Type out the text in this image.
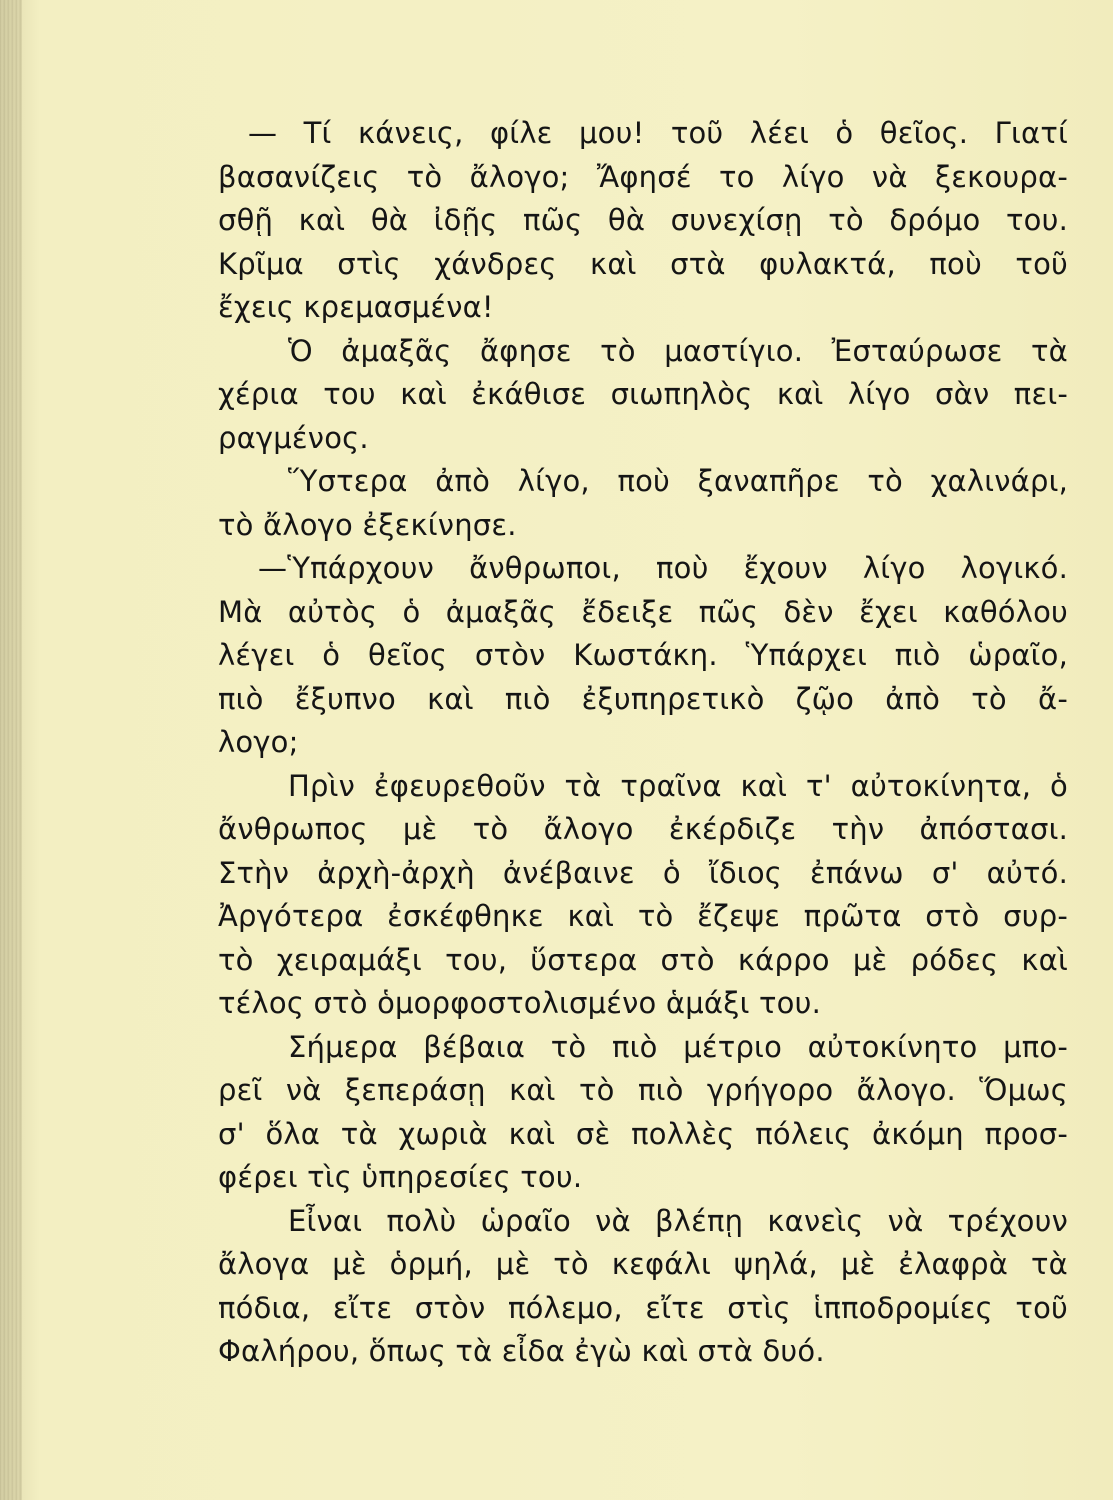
— Τί κάνεις, φίλε μου! τοῦ λέει ὁ θεῖος. Γιατί
βασανίζεις τὸ ἄλογο; Ἄφησέ το λίγο νὰ ξεκουρα-
σθῇ καὶ θὰ ἰδῇς πῶς θὰ συνεχίσῃ τὸ δρόμο του.
Κρῖμα στὶς χάνδρες καὶ στὰ φυλακτά, ποὺ τοῦ
ἔχεις κρεμασμένα!
Ὁ ἀμαξᾶς ἄφησε τὸ μαστίγιο. Ἐσταύρωσε τὰ
χέρια του καὶ ἐκάθισε σιωπηλὸς καὶ λίγο σὰν πει-
ραγμένος.
Ὕστερα ἀπὸ λίγο, ποὺ ξαναπῆρε τὸ χαλινάρι,
τὸ ἄλογο ἐξεκίνησε.
—Ὑπάρχουν ἄνθρωποι, ποὺ ἔχουν λίγο λογικό.
Μὰ αὐτὸς ὁ ἀμαξᾶς ἔδειξε πῶς δὲν ἔχει καθόλου
λέγει ὁ θεῖος στὸν Κωστάκη. Ὑπάρχει πιὸ ὡραῖο,
πιὸ ἔξυπνο καὶ πιὸ ἐξυπηρετικὸ ζῷο ἀπὸ τὸ ἄ-
λογο;
Πρὶν ἐφευρεθοῦν τὰ τραῖνα καὶ τ' αὐτοκίνητα, ὁ
ἄνθρωπος μὲ τὸ ἄλογο ἐκέρδιζε τὴν ἀπόστασι.
Στὴν ἀρχὴ-ἀρχὴ ἀνέβαινε ὁ ἴδιος ἐπάνω σ' αὐτό.
Ἀργότερα ἐσκέφθηκε καὶ τὸ ἔζεψε πρῶτα στὸ συρ-
τὸ χειραμάξι του, ὕστερα στὸ κάρρο μὲ ρόδες καὶ
τέλος στὸ ὁμορφοστολισμένο ἁμάξι του.
Σήμερα βέβαια τὸ πιὸ μέτριο αὐτοκίνητο μπο-
ρεῖ νὰ ξεπεράσῃ καὶ τὸ πιὸ γρήγορο ἄλογο. Ὅμως
σ' ὅλα τὰ χωριὰ καὶ σὲ πολλὲς πόλεις ἀκόμη προσ-
φέρει τὶς ὑπηρεσίες του.
Εἶναι πολὺ ὡραῖο νὰ βλέπῃ κανεὶς νὰ τρέχουν
ἄλογα μὲ ὁρμή, μὲ τὸ κεφάλι ψηλά, μὲ ἐλαφρὰ τὰ
πόδια, εἴτε στὸν πόλεμο, εἴτε στὶς ἱπποδρομίες τοῦ
Φαλήρου, ὅπως τὰ εἶδα ἐγὼ καὶ στὰ δυό.
